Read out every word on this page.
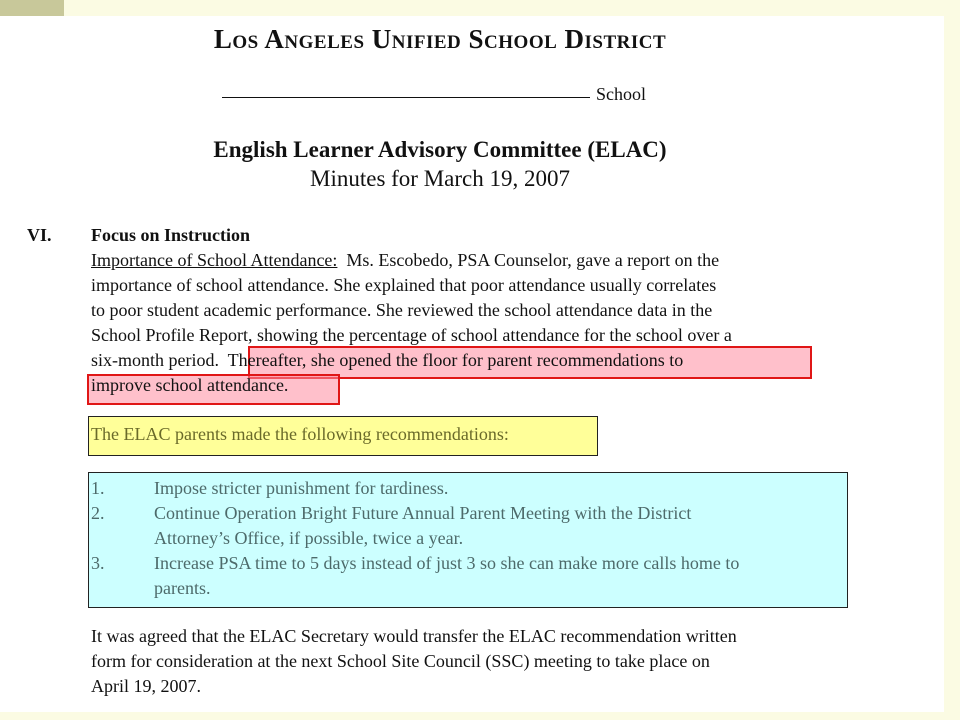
Los Angeles Unified School District
School
English Learner Advisory Committee (ELAC)
Minutes for March 19, 2007
VI. Focus on Instruction
Importance of School Attendance:  Ms. Escobedo, PSA Counselor, gave a report on the
importance of school attendance. She explained that poor attendance usually correlates
to poor student academic performance. She reviewed the school attendance data in the
School Profile Report, showing the percentage of school attendance for the school over a
six-month period.  Thereafter, she opened the floor for parent recommendations to
improve school attendance.
The ELAC parents made the following recommendations:
1.	Impose stricter punishment for tardiness.
2.	Continue Operation Bright Future Annual Parent Meeting with the District
Attorney’s Office, if possible, twice a year.
3.	Increase PSA time to 5 days instead of just 3 so she can make more calls home to
parents.
It was agreed that the ELAC Secretary would transfer the ELAC recommendation written
form for consideration at the next School Site Council (SSC) meeting to take place on
April 19, 2007.
